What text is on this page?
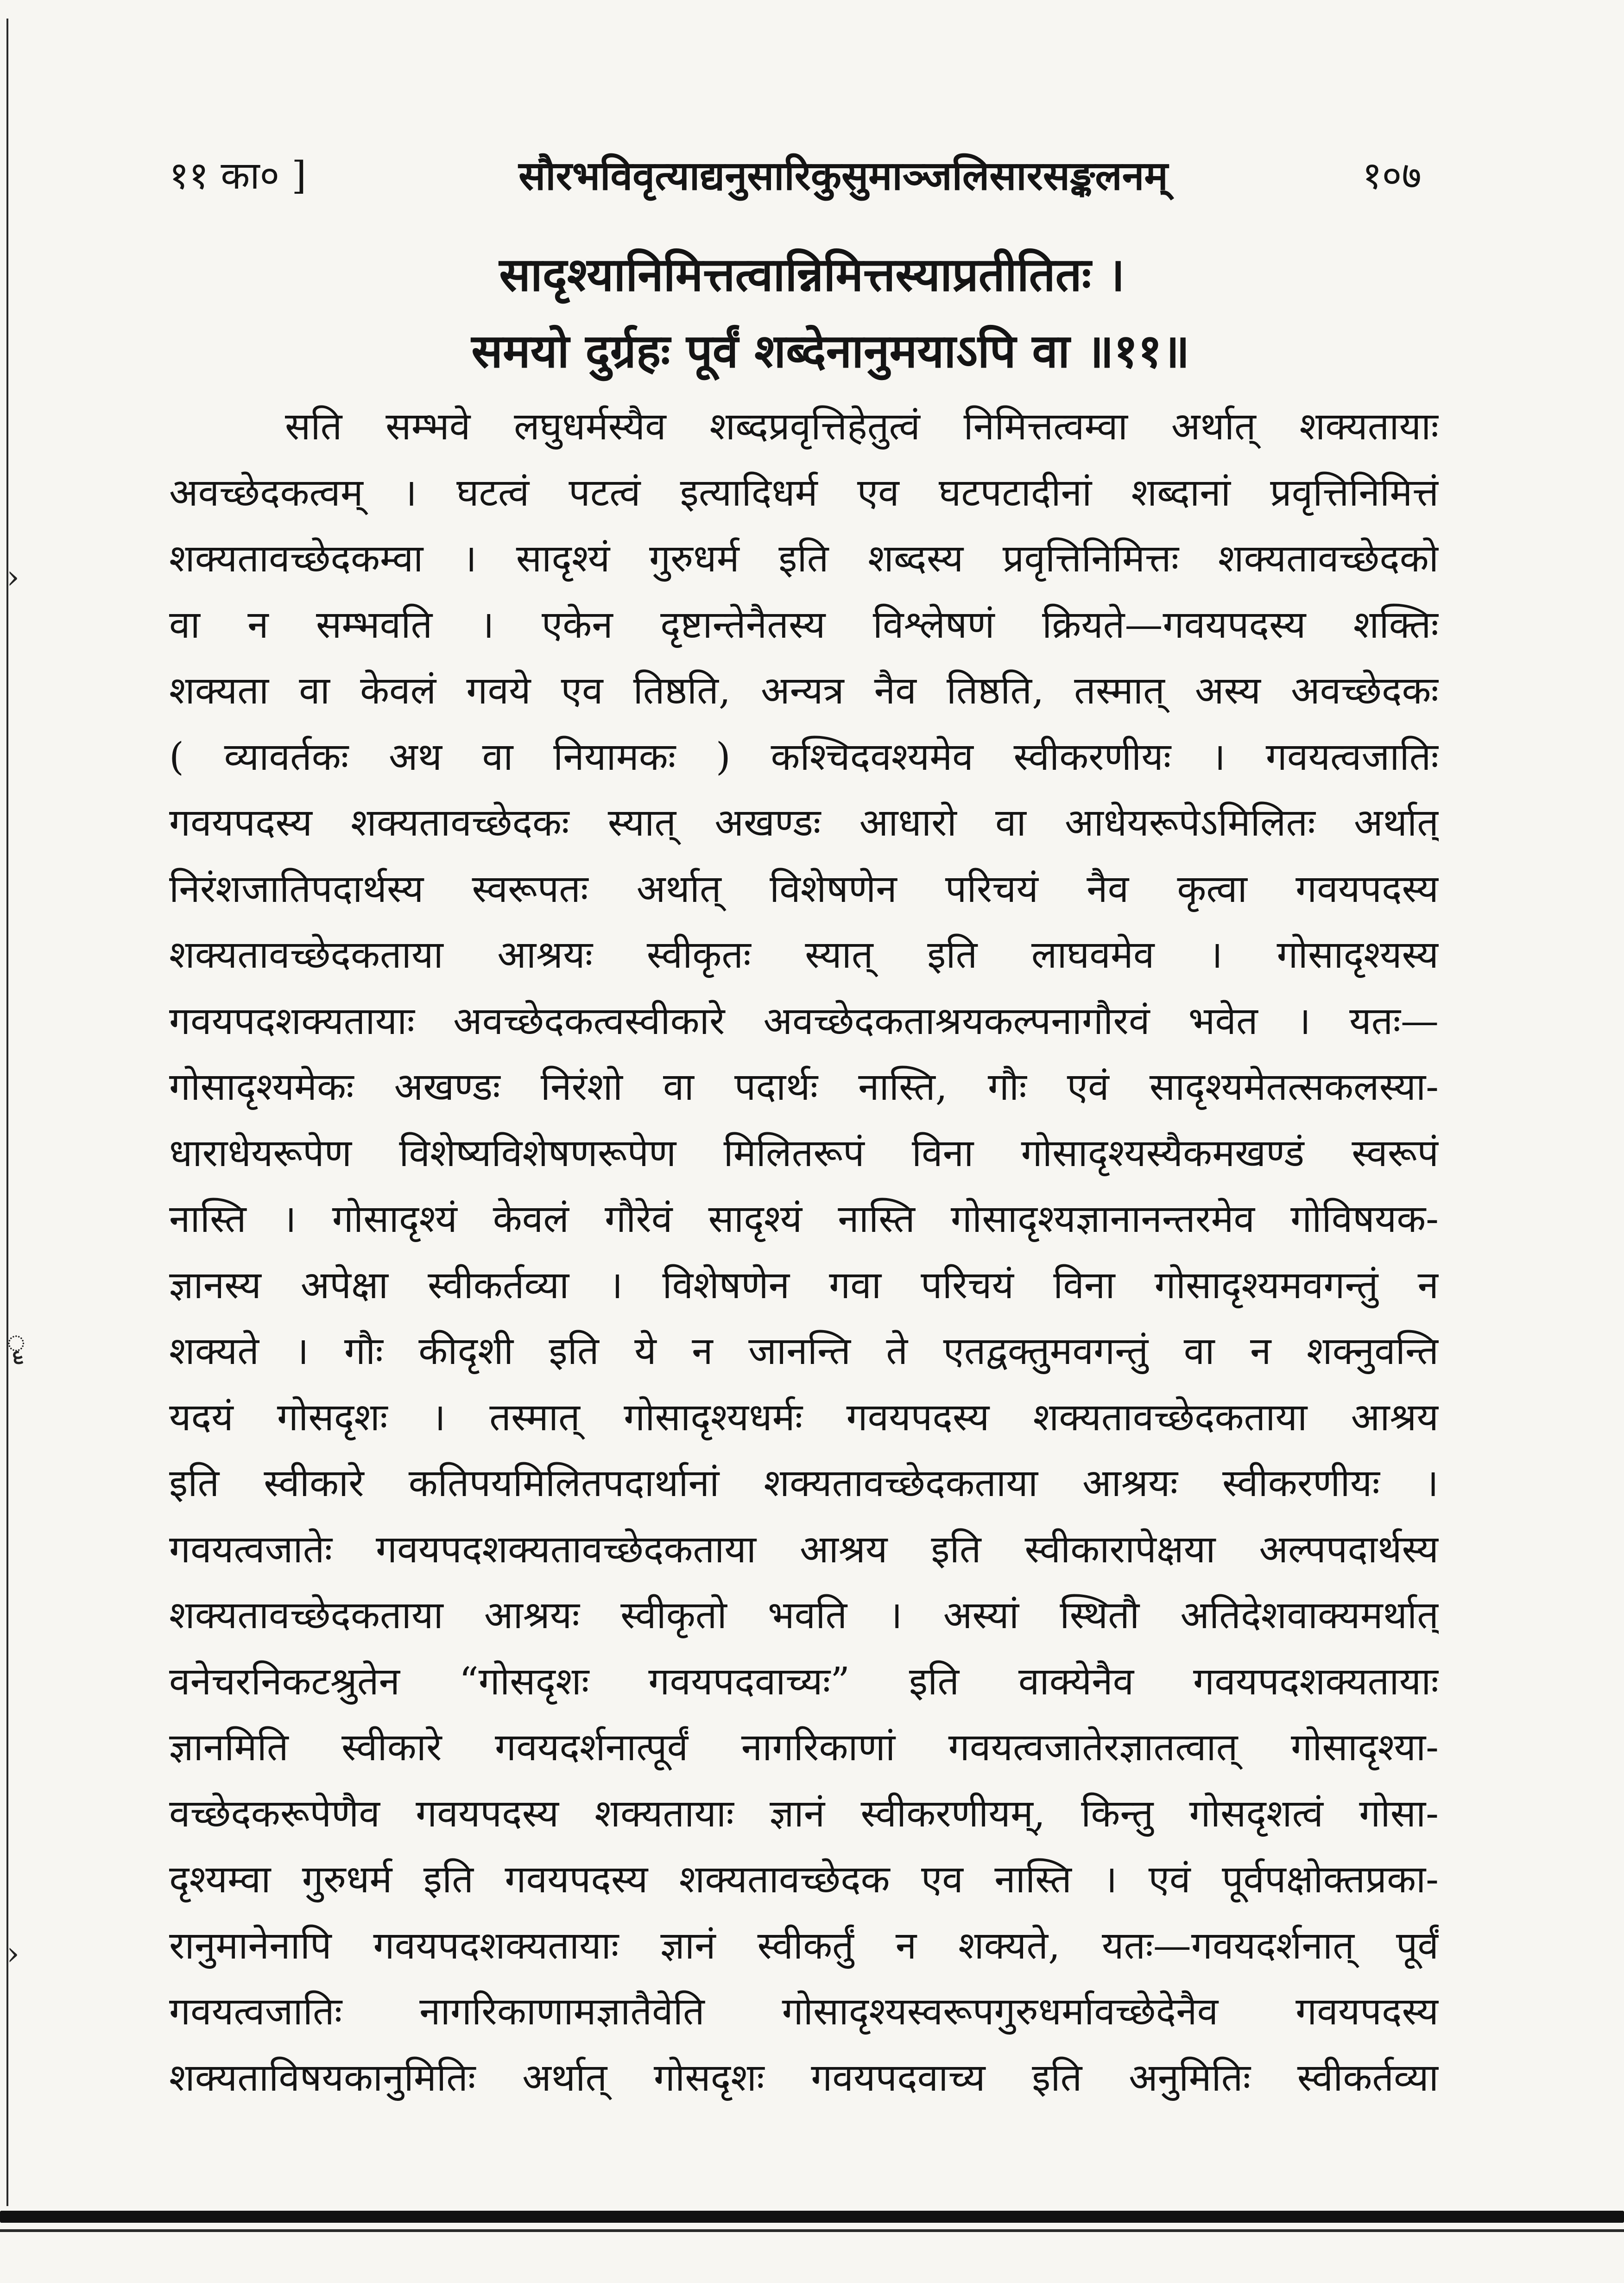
›
ॄ
›
११ का० ]	सौरभविवृत्याद्यनुसारिकुसुमाञ्जलिसारसङ्कलनम्	१०७
सादृश्यानिमित्तत्वान्निमित्तस्याप्रतीतितः ।
समयो दुर्ग्रहः पूर्वं शब्देनानुमयाऽपि वा ॥११॥
सति सम्भवे लघुधर्मस्यैव शब्दप्रवृत्तिहेतुत्वं निमित्तत्वम्वा अर्थात् शक्यतायाः
अवच्छेदकत्वम् । घटत्वं पटत्वं इत्यादिधर्म एव घटपटादीनां शब्दानां प्रवृत्तिनिमित्तं
शक्यतावच्छेदकम्वा । सादृश्यं गुरुधर्म इति शब्दस्य प्रवृत्तिनिमित्तः शक्यतावच्छेदको
वा न सम्भवति । एकेन दृष्टान्तेनैतस्य विश्लेषणं क्रियते—गवयपदस्य शक्तिः
शक्यता वा केवलं गवये एव तिष्ठति, अन्यत्र नैव तिष्ठति, तस्मात् अस्य अवच्छेदकः
( व्यावर्तकः अथ वा नियामकः ) कश्चिदवश्यमेव स्वीकरणीयः । गवयत्वजातिः
गवयपदस्य शक्यतावच्छेदकः स्यात् अखण्डः आधारो वा आधेयरूपेऽमिलितः अर्थात्
निरंशजातिपदार्थस्य स्वरूपतः अर्थात् विशेषणेन परिचयं नैव कृत्वा गवयपदस्य
शक्यतावच्छेदकताया आश्रयः स्वीकृतः स्यात् इति लाघवमेव । गोसादृश्यस्य
गवयपदशक्यतायाः अवच्छेदकत्वस्वीकारे अवच्छेदकताश्रयकल्पनागौरवं भवेत । यतः—
गोसादृश्यमेकः अखण्डः निरंशो वा पदार्थः नास्ति, गौः एवं सादृश्यमेतत्सकलस्या-
धाराधेयरूपेण विशेष्यविशेषणरूपेण मिलितरूपं विना गोसादृश्यस्यैकमखण्डं स्वरूपं
नास्ति । गोसादृश्यं केवलं गौरेवं सादृश्यं नास्ति गोसादृश्यज्ञानानन्तरमेव गोविषयक-
ज्ञानस्य अपेक्षा स्वीकर्तव्या । विशेषणेन गवा परिचयं विना गोसादृश्यमवगन्तुं न
शक्यते । गौः कीदृशी इति ये न जानन्ति ते एतद्वक्तुमवगन्तुं वा न शक्नुवन्ति
यदयं गोसदृशः । तस्मात् गोसादृश्यधर्मः गवयपदस्य शक्यतावच्छेदकताया आश्रय
इति स्वीकारे कतिपयमिलितपदार्थानां शक्यतावच्छेदकताया आश्रयः स्वीकरणीयः ।
गवयत्वजातेः गवयपदशक्यतावच्छेदकताया आश्रय इति स्वीकारापेक्षया अल्पपदार्थस्य
शक्यतावच्छेदकताया आश्रयः स्वीकृतो भवति । अस्यां स्थितौ अतिदेशवाक्यमर्थात्
वनेचरनिकटश्रुतेन “गोसदृशः गवयपदवाच्यः” इति वाक्येनैव गवयपदशक्यतायाः
ज्ञानमिति स्वीकारे गवयदर्शनात्पूर्वं नागरिकाणां गवयत्वजातेरज्ञातत्वात् गोसादृश्या-
वच्छेदकरूपेणैव गवयपदस्य शक्यतायाः ज्ञानं स्वीकरणीयम्, किन्तु गोसदृशत्वं गोसा-
दृश्यम्वा गुरुधर्म इति गवयपदस्य शक्यतावच्छेदक एव नास्ति । एवं पूर्वपक्षोक्तप्रका-
रानुमानेनापि गवयपदशक्यतायाः ज्ञानं स्वीकर्तुं न शक्यते, यतः—गवयदर्शनात् पूर्वं
गवयत्वजातिः नागरिकाणामज्ञातैवेति गोसादृश्यस्वरूपगुरुधर्मावच्छेदेनैव गवयपदस्य
शक्यताविषयकानुमितिः अर्थात् गोसदृशः गवयपदवाच्य इति अनुमितिः स्वीकर्तव्या
